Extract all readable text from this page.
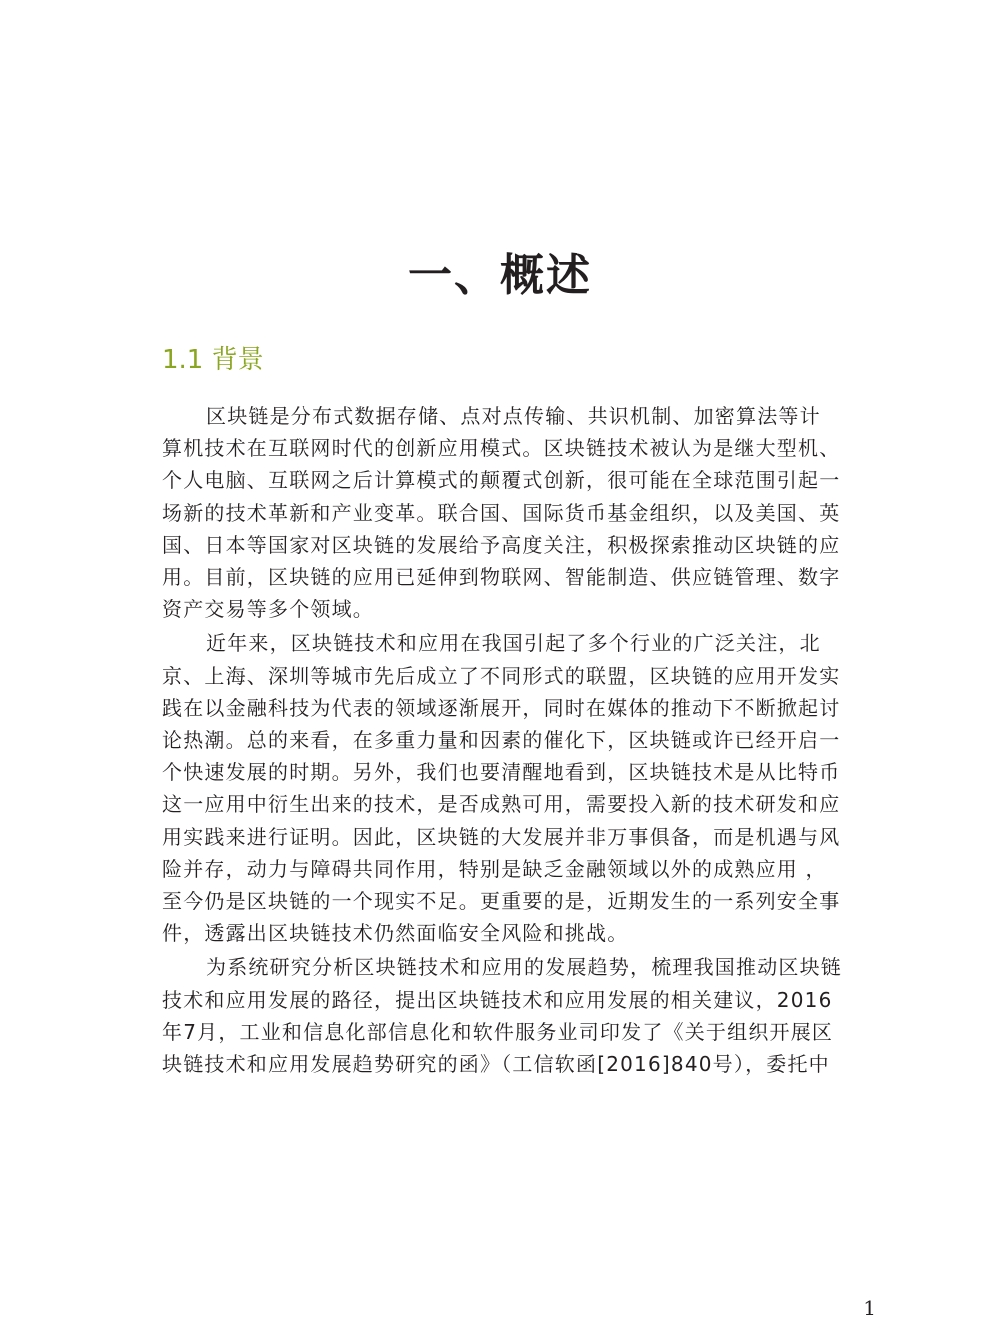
一、概述
1.1 背景
区块链是分布式数据存储、点对点传输、共识机制、加密算法等计
算机技术在互联网时代的创新应用模式。区块链技术被认为是继大型机、
个人电脑、互联网之后计算模式的颠覆式创新，很可能在全球范围引起一
场新的技术革新和产业变革。联合国、国际货币基金组织，以及美国、英
国、日本等国家对区块链的发展给予高度关注，积极探索推动区块链的应
用。目前，区块链的应用已延伸到物联网、智能制造、供应链管理、数字
资产交易等多个领域。
近年来，区块链技术和应用在我国引起了多个行业的广泛关注，北
京、上海、深圳等城市先后成立了不同形式的联盟，区块链的应用开发实
践在以金融科技为代表的领域逐渐展开，同时在媒体的推动下不断掀起讨
论热潮。总的来看，在多重力量和因素的催化下，区块链或许已经开启一
个快速发展的时期。另外，我们也要清醒地看到，区块链技术是从比特币
这一应用中衍生出来的技术，是否成熟可用，需要投入新的技术研发和应
用实践来进行证明。因此，区块链的大发展并非万事俱备，而是机遇与风
险并存，动力与障碍共同作用，特别是缺乏金融领域以外的成熟应用 ，
至今仍是区块链的一个现实不足。更重要的是，近期发生的一系列安全事
件，透露出区块链技术仍然面临安全风险和挑战。
为系统研究分析区块链技术和应用的发展趋势，梳理我国推动区块链
技术和应用发展的路径，提出区块链技术和应用发展的相关建议，2016
年7月，工业和信息化部信息化和软件服务业司印发了《关于组织开展区
块链技术和应用发展趋势研究的函》（工信软函[2016]840号），委托中
1
